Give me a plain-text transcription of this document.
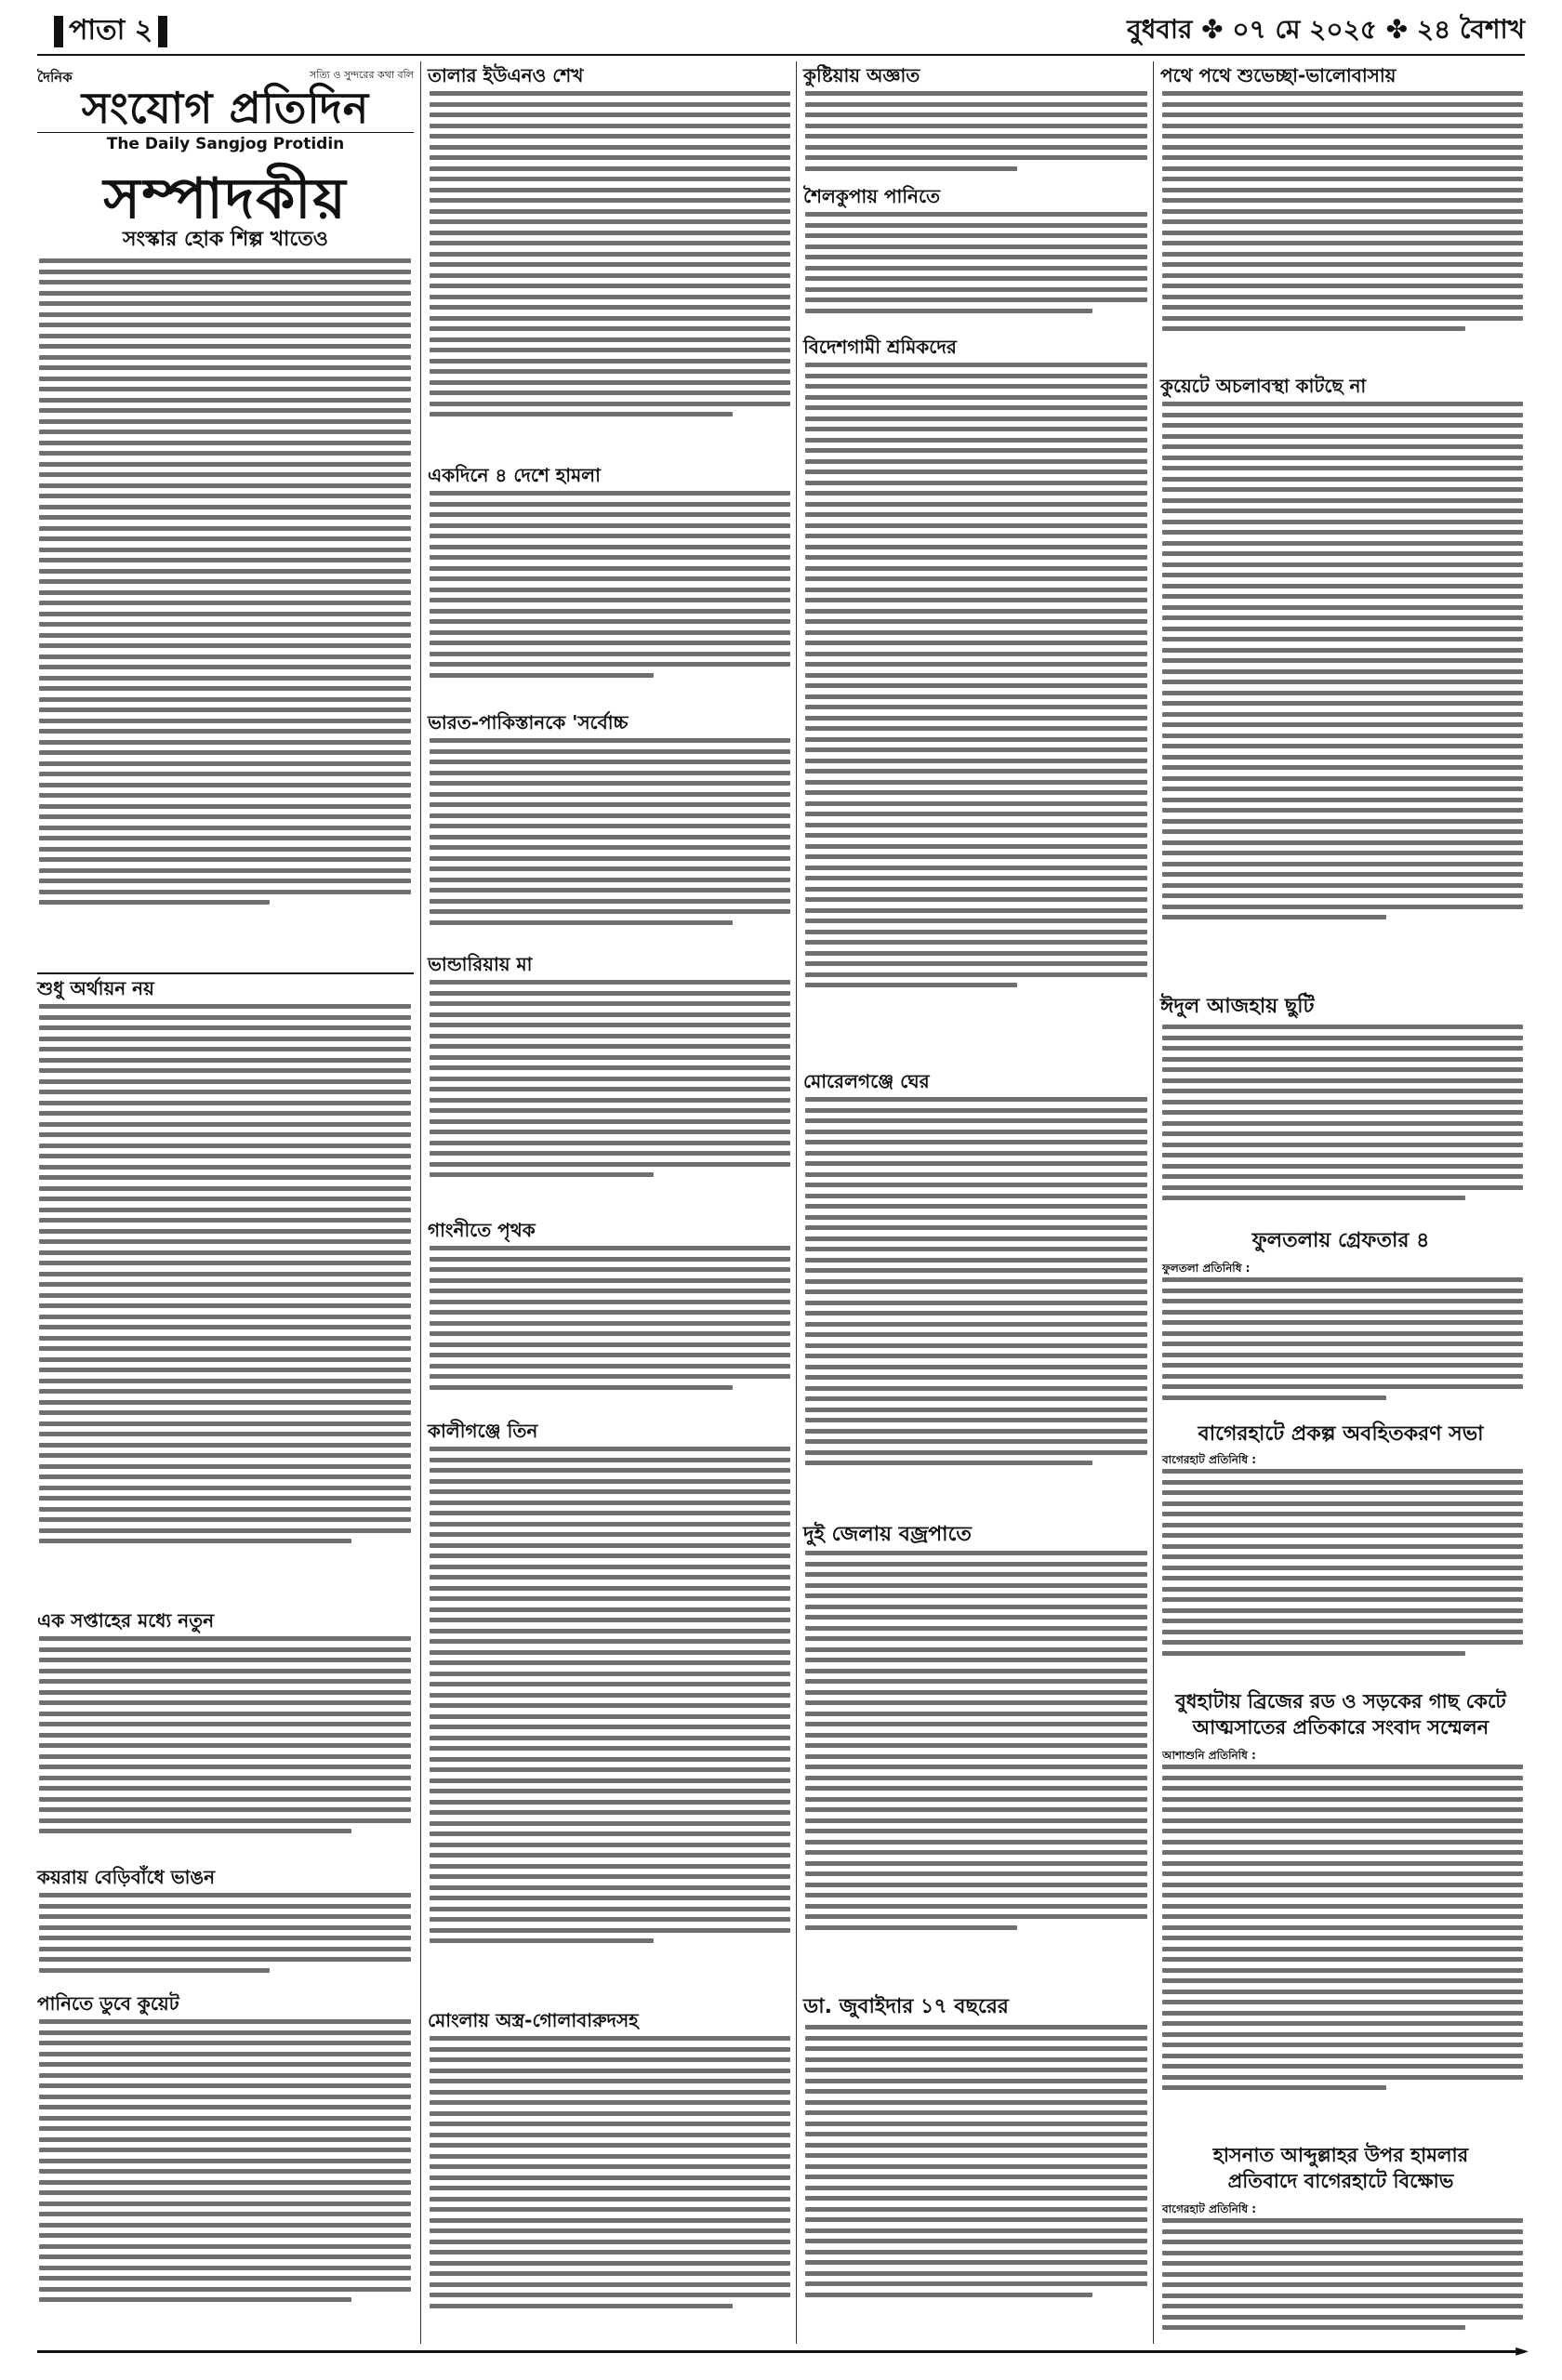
পাতা ২	বুধবার ✤ ০৭ মে ২০২৫ ✤ ২৪ বৈশাখ
দৈনিক	সত্যি ও সুন্দরের কথা বলি
সংযোগ প্রতিদিন
The Daily Sangjog Protidin
সম্পাদকীয়
সংস্কার হোক শিল্প খাতেও
শুধু অর্থায়ন নয়
এক সপ্তাহের মধ্যে নতুন
কয়রায় বেড়িবাঁধে ভাঙন
পানিতে ডুবে কুয়েট
তালার ইউএনও শেখ
একদিনে ৪ দেশে হামলা
ভারত-পাকিস্তানকে 'সর্বোচ্চ
ভান্ডারিয়ায় মা
গাংনীতে পৃথক
কালীগঞ্জে তিন
মোংলায় অস্ত্র-গোলাবারুদসহ
কুষ্টিয়ায় অজ্ঞাত
শৈলকুপায় পানিতে
বিদেশগামী শ্রমিকদের
মোরেলগঞ্জে ঘের
দুই জেলায় বজ্রপাতে
ডা. জুবাইদার ১৭ বছরের
পথে পথে শুভেচ্ছা-ভালোবাসায়
কুয়েটে অচলাবস্থা কাটছে না
ঈদুল আজহায় ছুটি
ফুলতলায় গ্রেফতার ৪
ফুলতলা প্রতিনিধি :
বাগেরহাটে প্রকল্প অবহিতকরণ সভা
বাগেরহাট প্রতিনিধি :
বুধহাটায় ব্রিজের রড ও সড়কের গাছ কেটে
আত্মসাতের প্রতিকারে সংবাদ সম্মেলন
আশাশুনি প্রতিনিধি :
হাসনাত আব্দুল্লাহর উপর হামলার
প্রতিবাদে বাগেরহাটে বিক্ষোভ
বাগেরহাট প্রতিনিধি :
►
